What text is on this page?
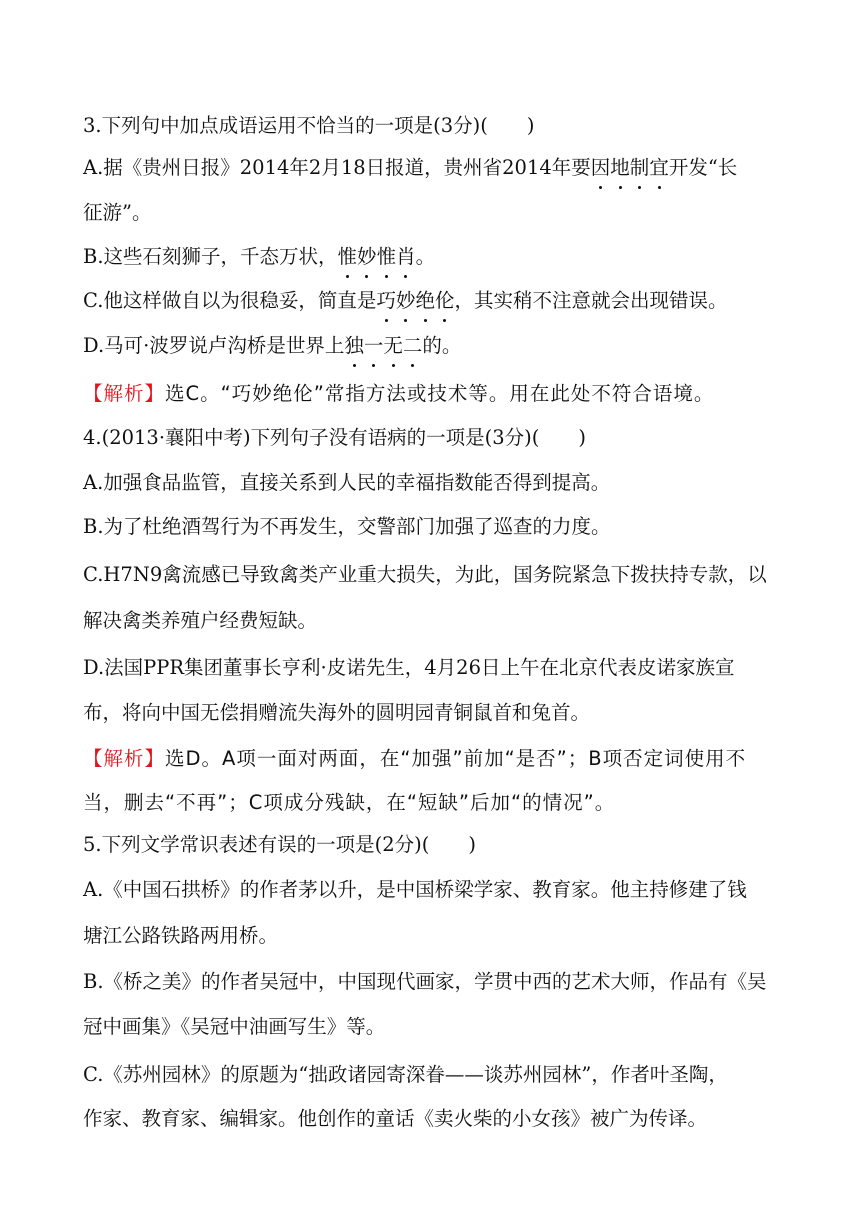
3.下列句中加点成语运用不恰当的一项是(3分)(　　)
A.据《贵州日报》2014年2月18日报道，贵州省2014年要因地制宜开发“长
征游”。
B.这些石刻狮子，千态万状，惟妙惟肖。
C.他这样做自以为很稳妥，简直是巧妙绝伦，其实稍不注意就会出现错误。
D.马可·波罗说卢沟桥是世界上独一无二的。
【解析】选C。“巧妙绝伦”常指方法或技术等。用在此处不符合语境。
4.(2013·襄阳中考)下列句子没有语病的一项是(3分)(　　)
A.加强食品监管，直接关系到人民的幸福指数能否得到提高。
B.为了杜绝酒驾行为不再发生，交警部门加强了巡查的力度。
C.H7N9禽流感已导致禽类产业重大损失，为此，国务院紧急下拨扶持专款，以
解决禽类养殖户经费短缺。
D.法国PPR集团董事长亨利·皮诺先生，4月26日上午在北京代表皮诺家族宣
布，将向中国无偿捐赠流失海外的圆明园青铜鼠首和兔首。
【解析】选D。A项一面对两面，在“加强”前加“是否”；B项否定词使用不
当，删去“不再”；C项成分残缺，在“短缺”后加“的情况”。
5.下列文学常识表述有误的一项是(2分)(　　)
A.《中国石拱桥》的作者茅以升，是中国桥梁学家、教育家。他主持修建了钱
塘江公路铁路两用桥。
B.《桥之美》的作者吴冠中，中国现代画家，学贯中西的艺术大师，作品有《吴
冠中画集》《吴冠中油画写生》等。
C.《苏州园林》的原题为“拙政诸园寄深眷——谈苏州园林”，作者叶圣陶，
作家、教育家、编辑家。他创作的童话《卖火柴的小女孩》被广为传译。
